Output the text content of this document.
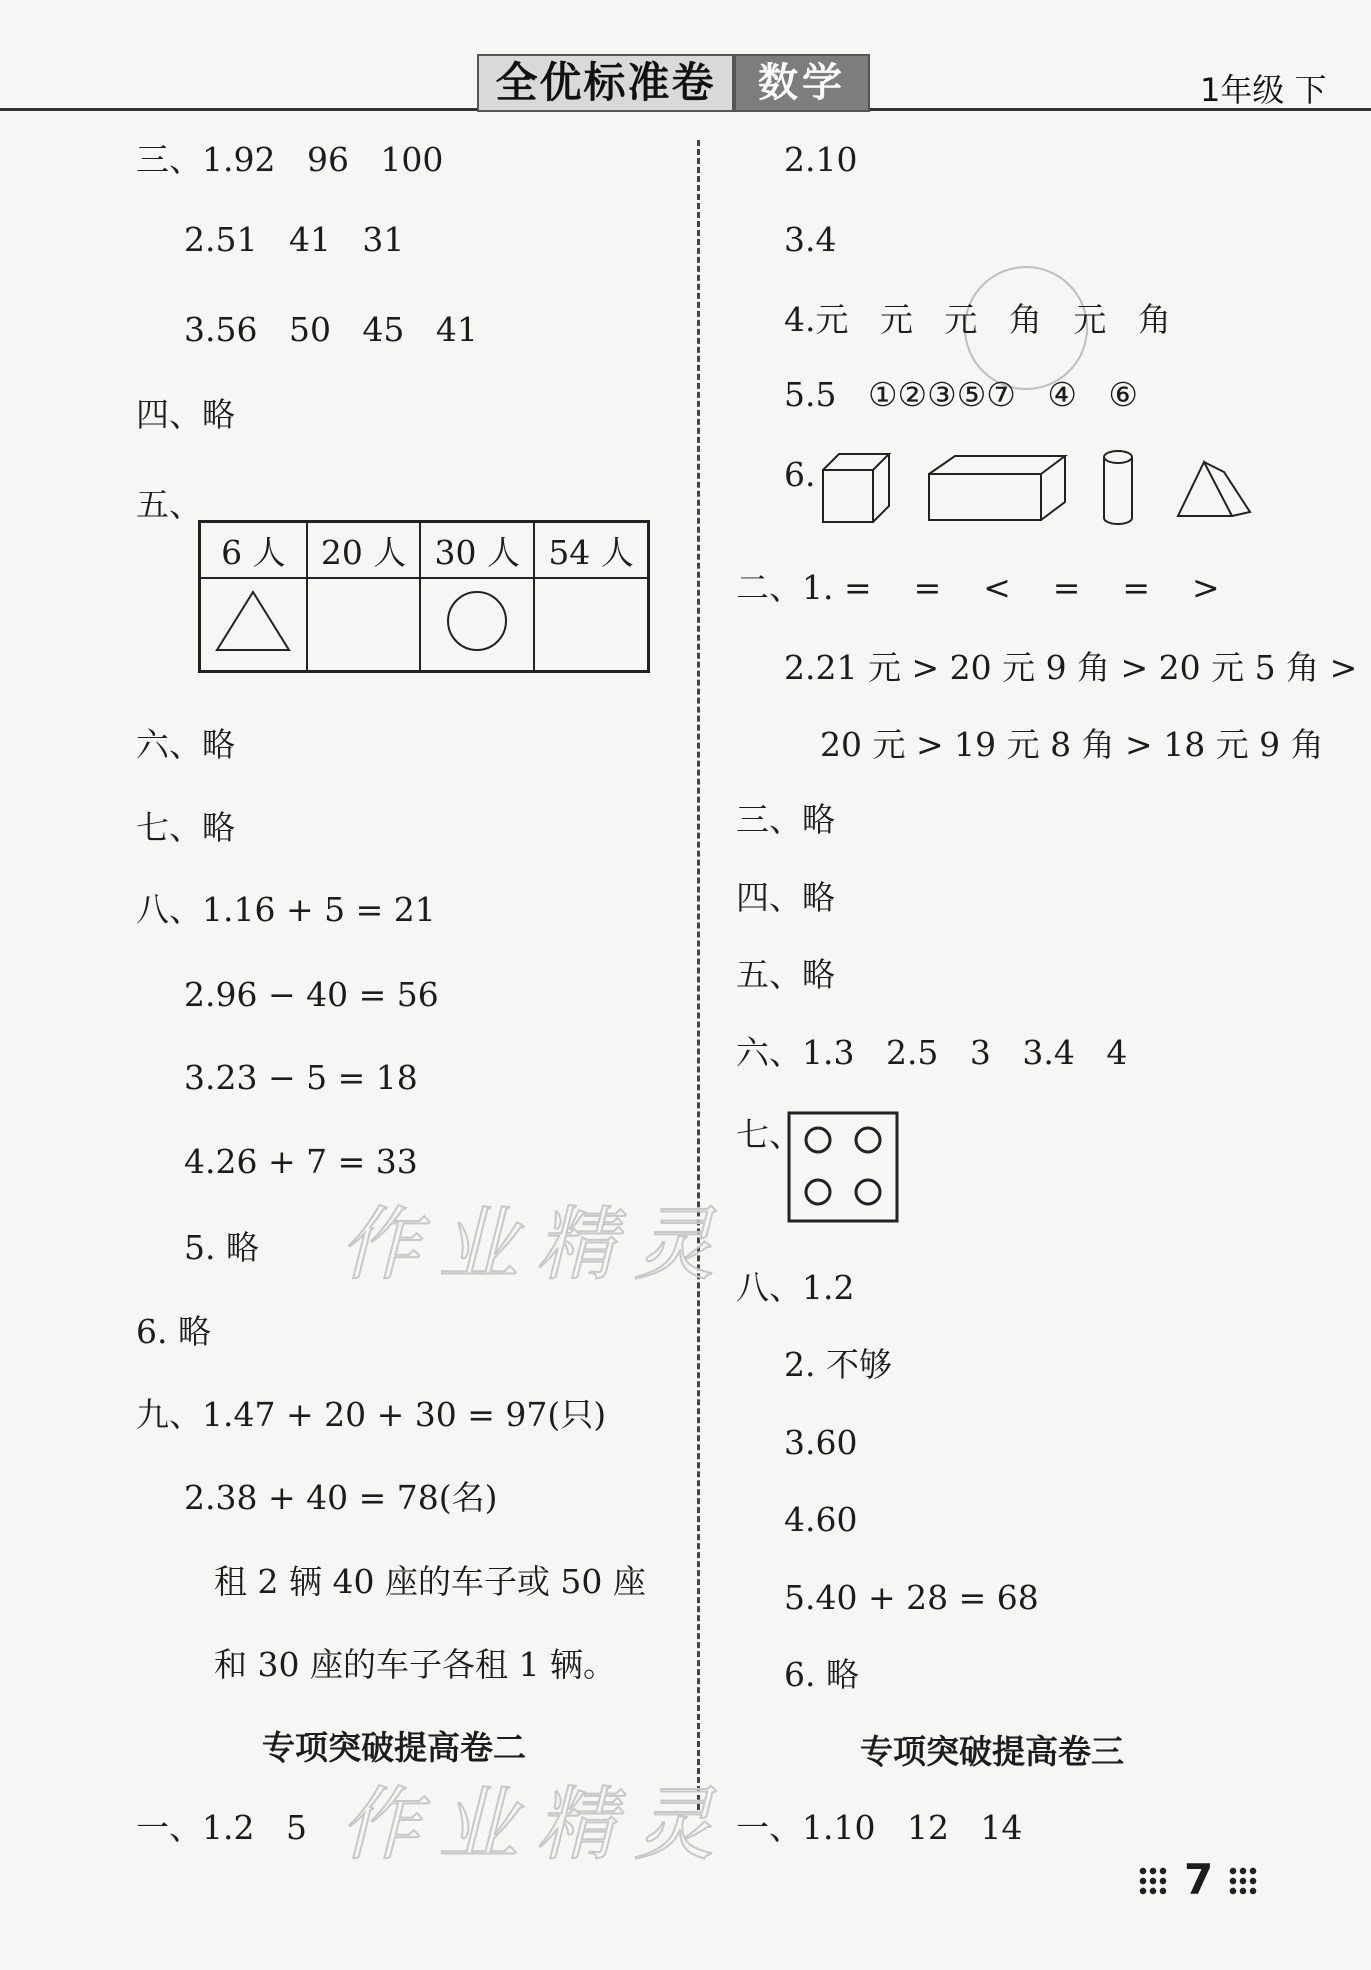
全优标准卷	数学	1年级 下
作业精灵
作业精灵
三、1.92   96   100
2.51   41   31
3.56   50   45   41
四、略
五、
6 人	20 人	30 人	54 人

六、略
七、略
八、1.16 + 5 = 21
2.96 − 40 = 56
3.23 − 5 = 18
4.26 + 7 = 33
5. 略
6. 略
九、1.47 + 20 + 30 = 97(只)
2.38 + 40 = 78(名)
租 2 辆 40 座的车子或 50 座
和 30 座的车子各租 1 辆。
专项突破提高卷二
一、1.2   5
2.10
3.4
4.元   元   元   角   元   角
5.5   ①②③⑤⑦   ④   ⑥
6.
二、1. =    =    <    =    =    >
2.21 元 > 20 元 9 角 > 20 元 5 角 >
20 元 > 19 元 8 角 > 18 元 9 角
三、略
四、略
五、略
六、1.3   2.5   3   3.4   4
七、
八、1.2
2. 不够
3.60
4.60
5.40 + 28 = 68
6. 略
专项突破提高卷三
一、1.10   12   14
7
